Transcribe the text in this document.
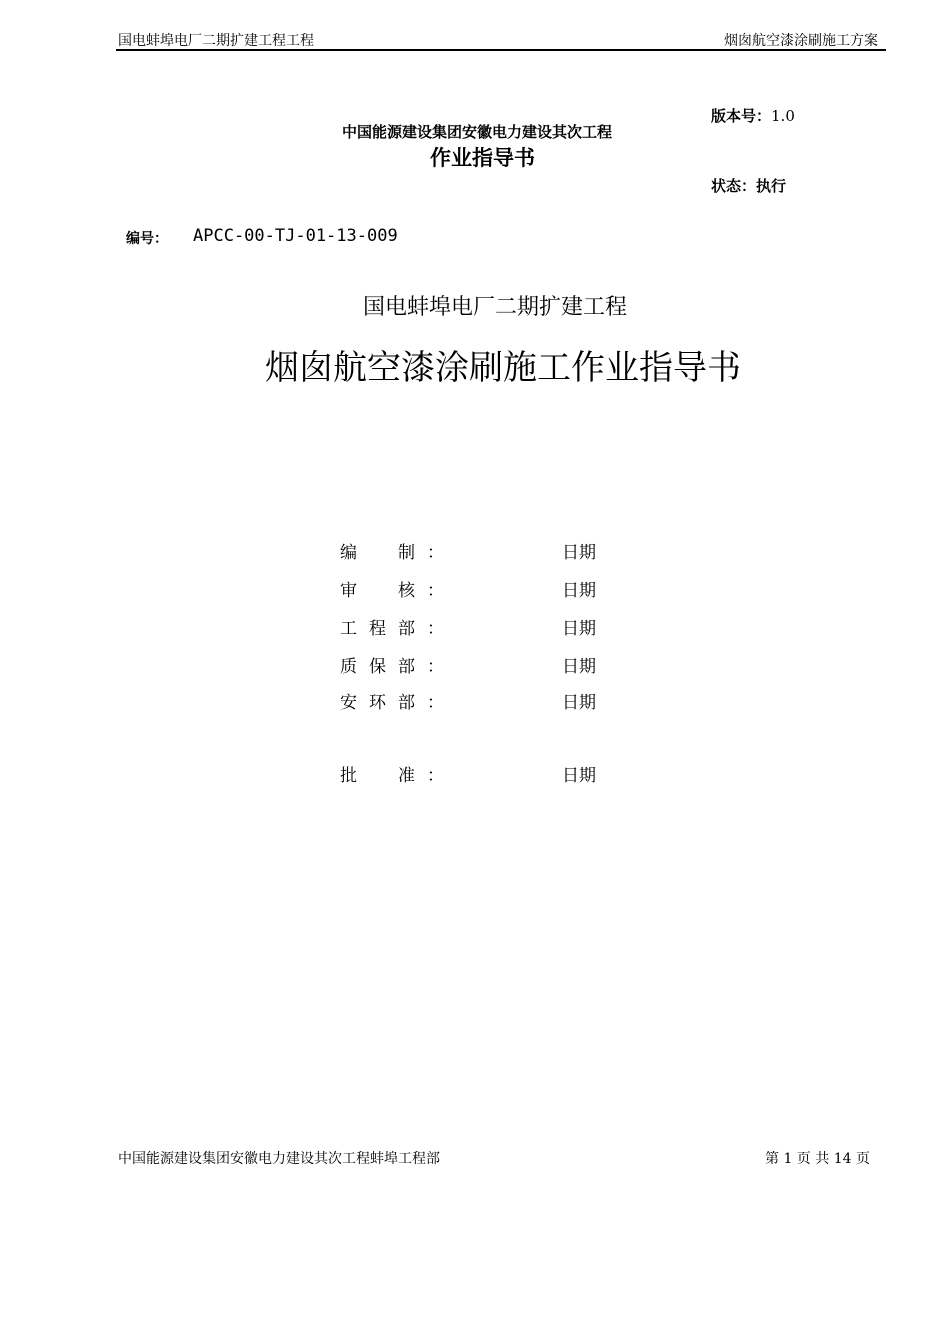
国电蚌埠电厂二期扩建工程工程	烟囱航空漆涂刷施工方案
版本号：1.0
中国能源建设集团安徽电力建设其次工程
作业指导书
状态：执行
编号： APCC-00-TJ-01-13-009
国电蚌埠电厂二期扩建工程
烟囱航空漆涂刷施工作业指导书
编 制 ：	日期
审 核 ：	日期
工 程 部 ：	日期
质 保 部 ：	日期
安 环 部 ：	日期
批 准 ：	日期
中国能源建设集团安徽电力建设其次工程蚌埠工程部	第 1 页 共 14 页
